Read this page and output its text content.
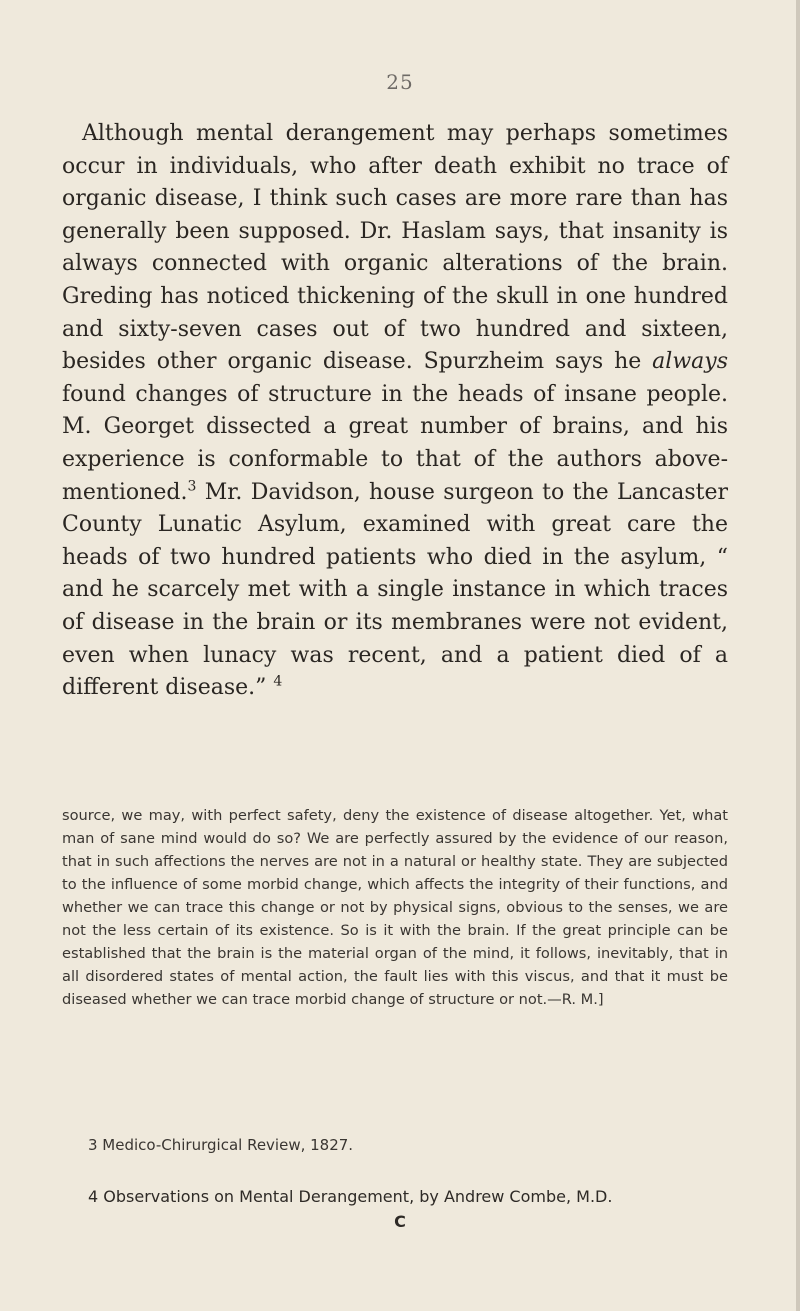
25

Although mental derangement may perhaps sometimes occur in individuals, who after death exhibit no trace of organic disease, I think such cases are more rare than has generally been supposed. Dr. Haslam says, that insanity is always connected with organic alterations of the brain. Greding has noticed thickening of the skull in one hundred and sixty-seven cases out of two hundred and sixteen, besides other organic disease. Spurzheim says he always found changes of structure in the heads of insane people. M. Georget dissected a great number of brains, and his experience is conformable to that of the authors above-mentioned.$^3$ Mr. Davidson, house surgeon to the Lancaster County Lunatic Asylum, examined with great care the heads of two hundred patients who died in the asylum, “ and he scarcely met with a single instance in which traces of disease in the brain or its membranes were not evident, even when lunacy was recent, and a patient died of a different disease.” $^4$

source, we may, with perfect safety, deny the existence of disease altogether. Yet, what man of sane mind would do so? We are perfectly assured by the evidence of our reason, that in such affections the nerves are not in a natural or healthy state. They are subjected to the influence of some morbid change, which affects the integrity of their functions, and whether we can trace this change or not by physical signs, obvious to the senses, we are not the less certain of its existence. So is it with the brain. If the great principle can be established that the brain is the material organ of the mind, it follows, inevitably, that in all disordered states of mental action, the fault lies with this viscus, and that it must be diseased whether we can trace morbid change of structure or not.—R. M.]

3 Medico-Chirurgical Review, 1827.
4 Observations on Mental Derangement, by Andrew Combe, M.D.
C
